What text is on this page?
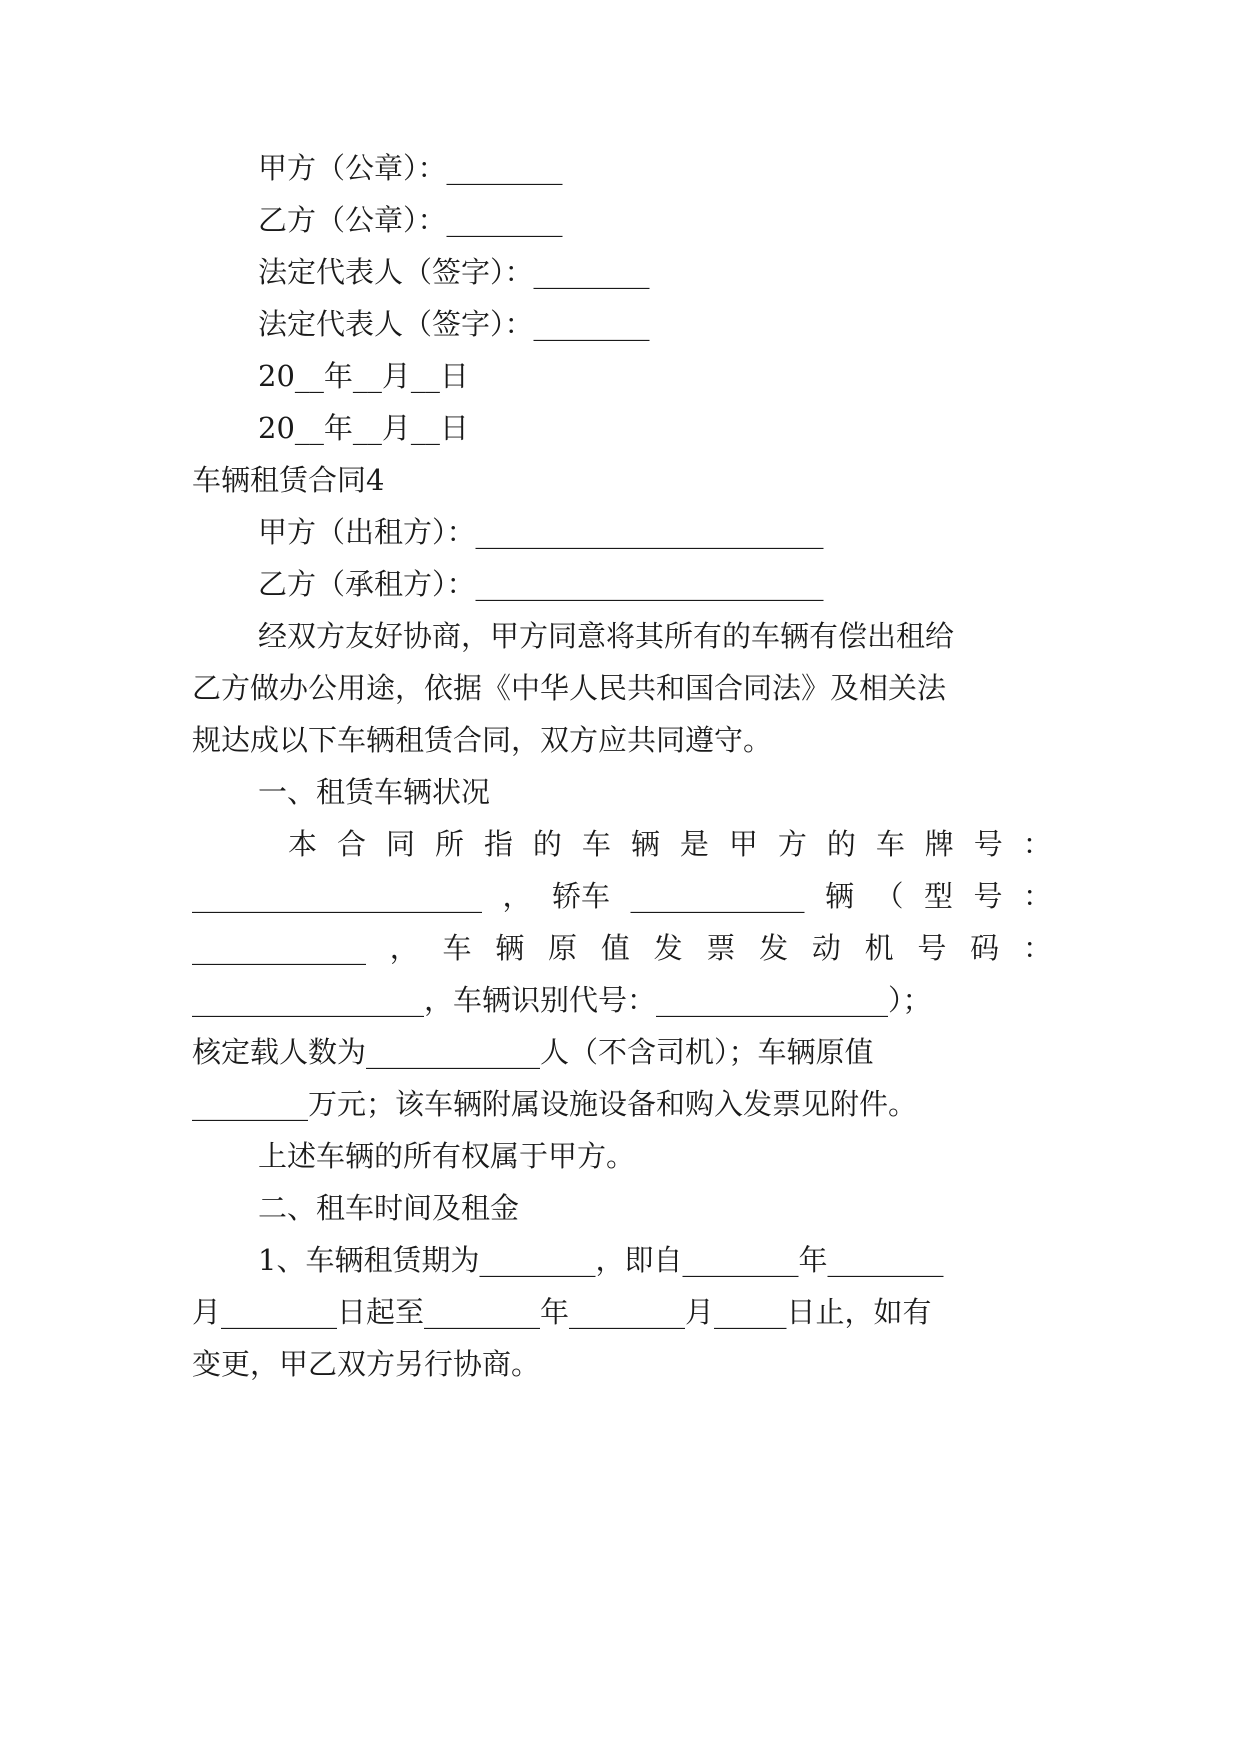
甲方（公章）：________
乙方（公章）：________
法定代表人（签字）：________
法定代表人（签字）：________
20__年__月__日
20__年__月__日
车辆租赁合同4
甲方（出租方）：________________________
乙方（承租方）：________________________
经双方友好协商，甲方同意将其所有的车辆有偿出租给
乙方做办公用途，依据《中华人民共和国合同法》及相关法
规达成以下车辆租赁合同，双方应共同遵守。
一、租赁车辆状况
本 合 同 所 指 的 车 辆 是 甲 方 的 车 牌 号 ：
____________________ ， 轿车 ____________ 辆 （ 型 号 ：
____________ ， 车 辆 原 值 发 票 发 动 机 号 码 ：
________________，车辆识别代号：________________）；
核定载人数为____________人（不含司机）；车辆原值
________万元；该车辆附属设施设备和购入发票见附件。
上述车辆的所有权属于甲方。
二、租车时间及租金
1、车辆租赁期为________，即自________年________
月________日起至________年________月_____日止，如有
变更，甲乙双方另行协商。
